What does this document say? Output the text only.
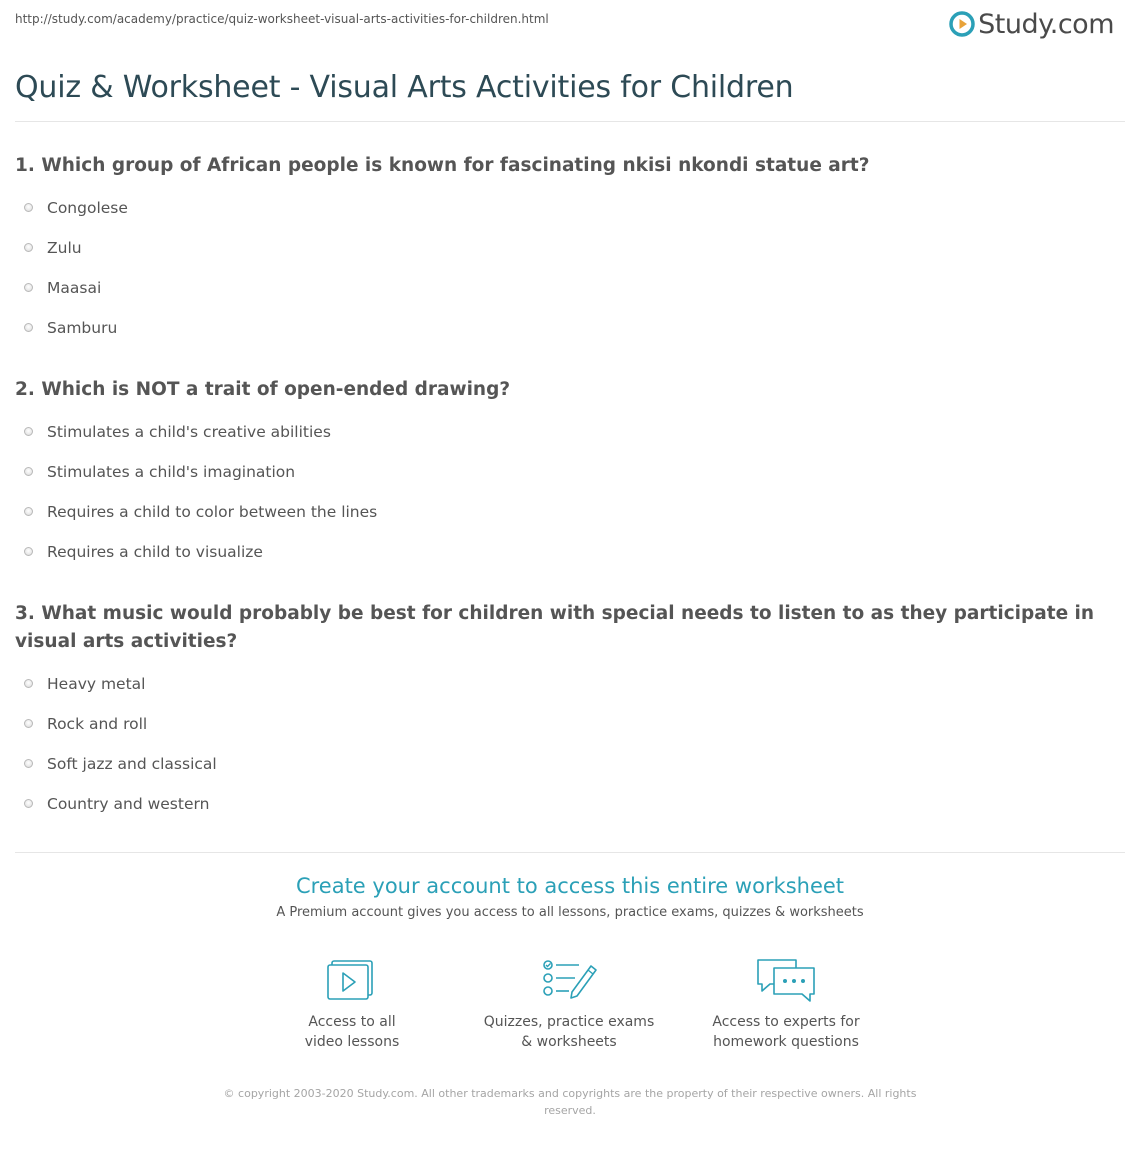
http://study.com/academy/practice/quiz-worksheet-visual-arts-activities-for-children.html	Study.com
Quiz & Worksheet - Visual Arts Activities for Children

1. Which group of African people is known for fascinating nkisi nkondi statue art?

Congolese
Zulu
Maasai
Samburu

2. Which is NOT a trait of open-ended drawing?

Stimulates a child's creative abilities
Stimulates a child's imagination
Requires a child to color between the lines
Requires a child to visualize

3. What music would probably be best for children with special needs to listen to as they participate in visual arts activities?

Heavy metal
Rock and roll
Soft jazz and classical
Country and western
Create your account to access this entire worksheet
A Premium account gives you access to all lessons, practice exams, quizzes & worksheets
Access to all
video lessons
Quizzes, practice exams
& worksheets
Access to experts for
homework questions
© copyright 2003-2020 Study.com. All other trademarks and copyrights are the property of their respective owners. All rights reserved.
